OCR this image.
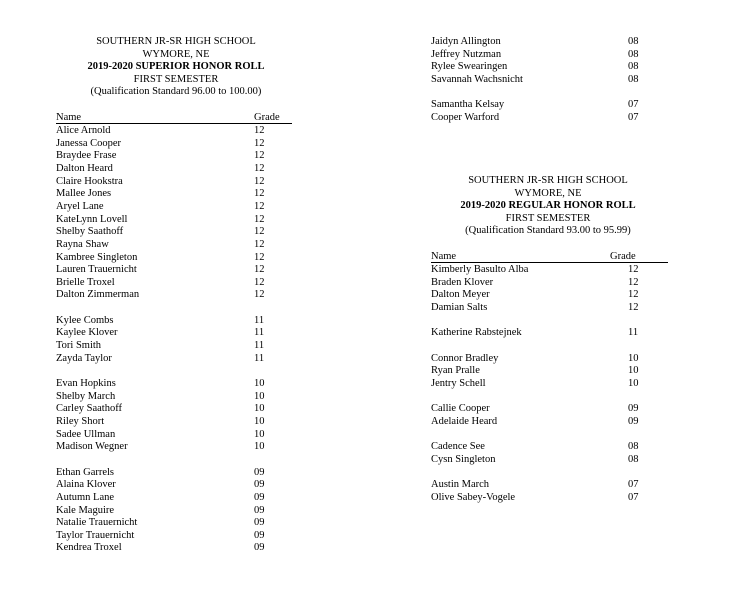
SOUTHERN JR-SR HIGH SCHOOL
WYMORE, NE
2019-2020 SUPERIOR HONOR ROLL
FIRST SEMESTER
(Qualification Standard 96.00 to 100.00)
‸‸‸‸‸‸‸‸‸‸‸‸‸‸‸‸‸‸‸‸‸‸‸‸‸‸‸‸‸‸‸‸‸‸‸‸‸‸‸‸‸‸‸‸‸‸‸‸‸‸‸‸‸‸‸‸‸‸‸‸‸‸‸‸‸‸‸‸‸‸‸‸‸‸‸‸‸‸‸‸
Name	Grade
Alice Arnold	12
Janessa Cooper	12
Braydee Frase	12
Dalton Heard	12
Claire Hookstra	12
Mallee Jones	12
Aryel Lane	12
KateLynn Lovell	12
Shelby Saathoff	12
Rayna Shaw	12
Kambree Singleton	12
Lauren Trauernicht	12
Brielle Troxel	12
Dalton Zimmerman	12
Kylee Combs	11
Kaylee Klover	11
Tori Smith	11
Zayda Taylor	11
Evan Hopkins	10
Shelby March	10
Carley Saathoff	10
Riley Short	10
Sadee Ullman	10
Madison Wegner	10
Ethan Garrels	09
Alaina Klover	09
Autumn Lane	09
Kale Maguire	09
Natalie Trauernicht	09
Taylor Trauernicht	09
Kendrea Troxel	09
Jaidyn Allington	08
Jeffrey Nutzman	08
Rylee Swearingen	08
Savannah Wachsnicht	08
Samantha Kelsay	07
Cooper Warford	07
SOUTHERN JR-SR HIGH SCHOOL
WYMORE, NE
2019-2020 REGULAR HONOR ROLL
FIRST SEMESTER
(Qualification Standard 93.00 to 95.99)
‸‸‸‸‸‸‸‸‸‸‸‸‸‸‸‸‸‸‸‸‸‸‸‸‸‸‸‸‸‸‸‸‸‸‸‸‸‸‸‸‸‸‸‸‸‸‸‸‸‸‸‸‸‸‸‸‸‸‸‸‸‸‸‸‸‸‸‸‸‸‸‸‸‸‸‸‸‸‸‸
Name	Grade
Kimberly Basulto Alba	12
Braden Klover	12
Dalton Meyer	12
Damian Salts	12
Katherine Rabstejnek	11
Connor Bradley	10
Ryan Pralle	10
Jentry Schell	10
Callie Cooper	09
Adelaide Heard	09
Cadence See	08
Cysn Singleton	08
Austin March	07
Olive Sabey-Vogele	07
